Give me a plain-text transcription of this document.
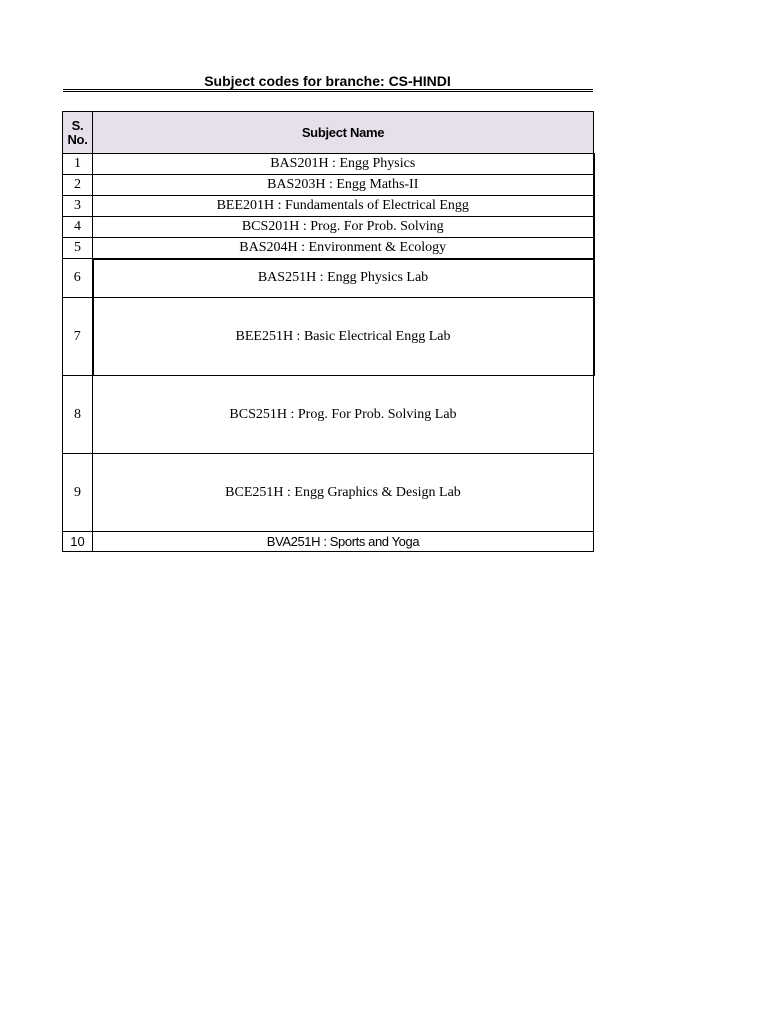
Subject codes for branche: CS-HINDI
S.
No.	Subject Name
1	BAS201H : Engg Physics
2	BAS203H : Engg Maths-II
3	BEE201H : Fundamentals of Electrical Engg
4	BCS201H : Prog. For Prob. Solving
5	BAS204H : Environment & Ecology
6	BAS251H : Engg Physics Lab
7	BEE251H : Basic Electrical Engg Lab
8	BCS251H : Prog. For Prob. Solving Lab
9	BCE251H : Engg Graphics & Design Lab
10	BVA251H : Sports and Yoga
